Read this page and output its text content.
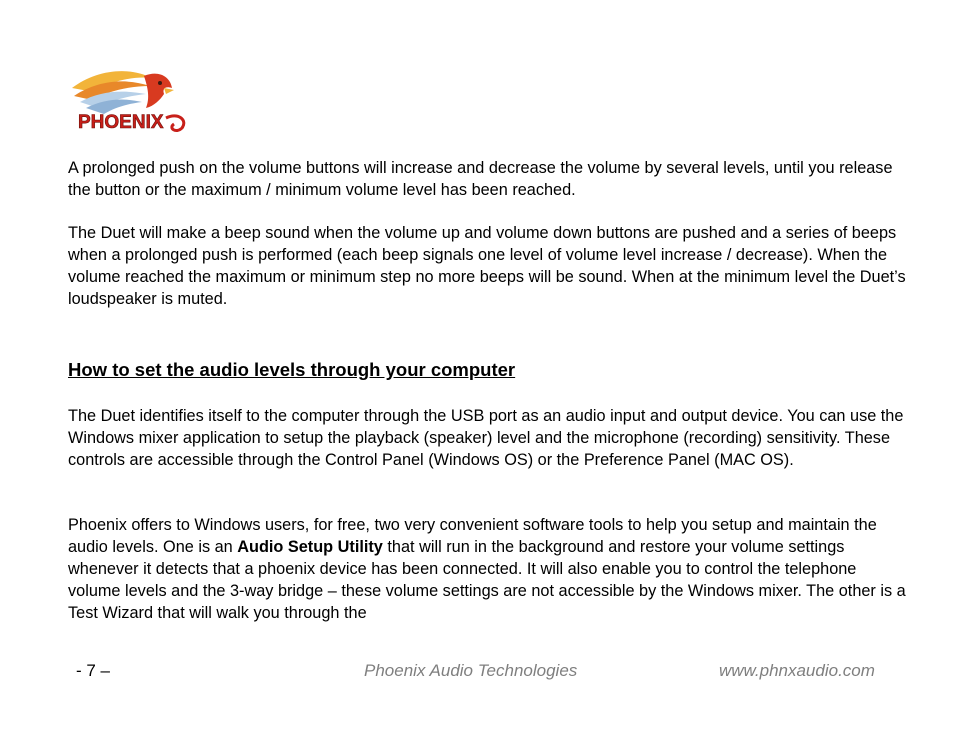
PHOENIX

A prolonged push on the volume buttons will increase and decrease the volume by several levels, until you release the button or the maximum / minimum volume level has been reached.

The Duet will make a beep sound when the volume up and volume down buttons are pushed and a series of beeps when a prolonged push is performed (each beep signals one level of volume level increase / decrease). When the volume reached the maximum or minimum step no more beeps will be sound. When at the minimum level the Duet’s loudspeaker is muted.

How to set the audio levels through your computer

The Duet identifies itself to the computer through the USB port as an audio input and output device. You can use the Windows mixer application to setup the playback (speaker) level and the microphone (recording) sensitivity. These controls are accessible through the Control Panel (Windows OS) or the Preference Panel (MAC OS).

Phoenix offers to Windows users, for free, two very convenient software tools to help you setup and maintain the audio levels. One is an Audio Setup Utility that will run in the background and restore your volume settings whenever it detects that a phoenix device has been connected. It will also enable you to control the telephone volume levels and the 3-way bridge – these volume settings are not accessible by the Windows mixer. The other is a Test Wizard that will walk you through the

- 7 –	Phoenix Audio Technologies	www.phnxaudio.com
